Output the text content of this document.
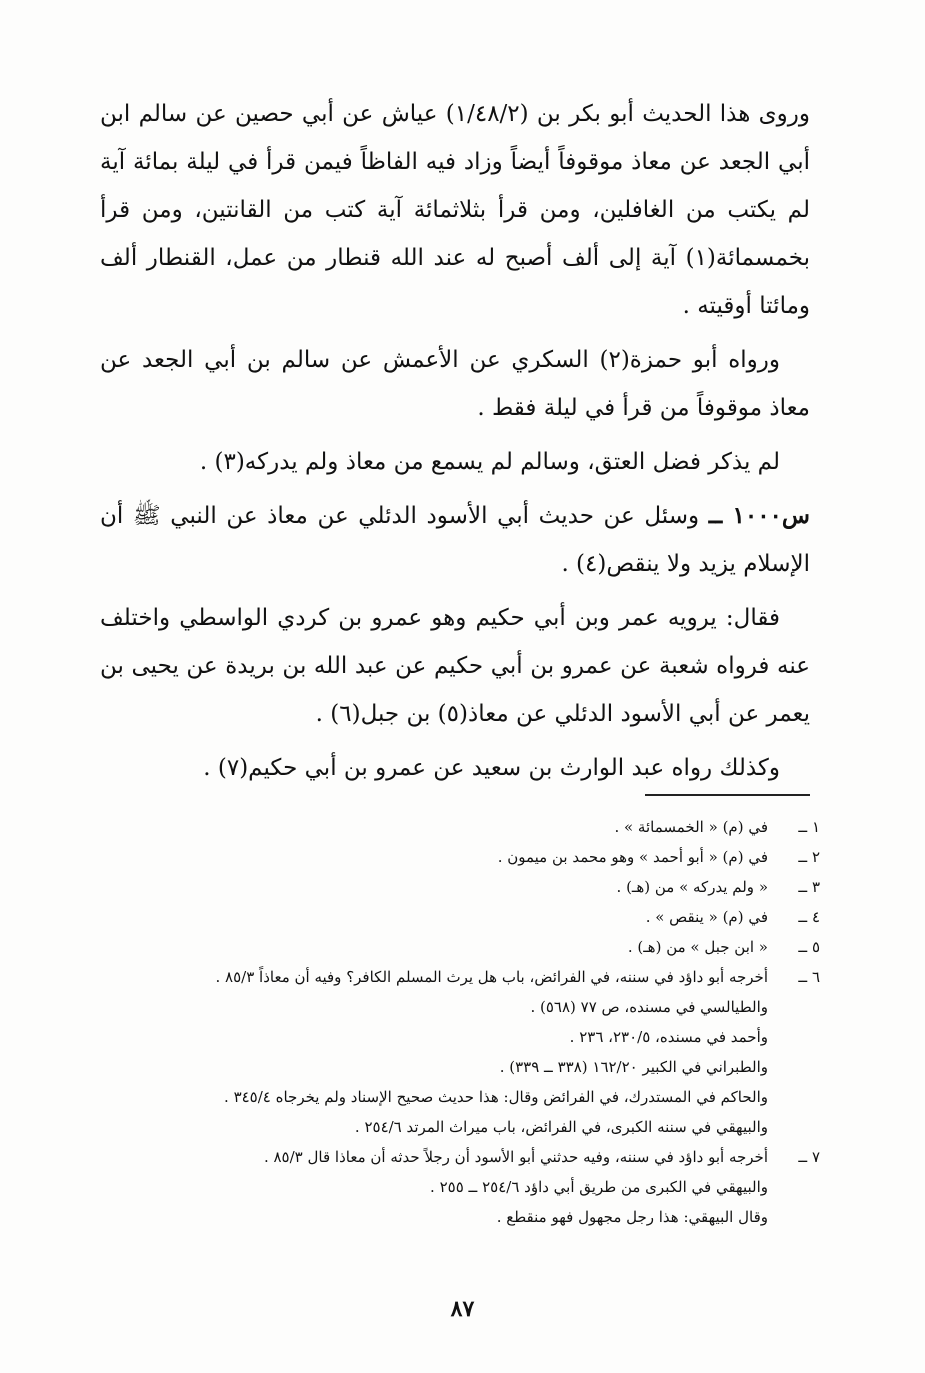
وروى هذا الحديث أبو بكر بن (١/٤٨/٢) عياش عن أبي حصين عن سالم ابن أبي الجعد عن معاذ موقوفاً أيضاً وزاد فيه الفاظاً فيمن قرأ في ليلة بمائة آية لم يكتب من الغافلين، ومن قرأ بثلاثمائة آية كتب من القانتين، ومن قرأ بخمسمائة(١) آية إلى ألف أصبح له عند الله قنطار من عمل، القنطار ألف ومائتا أوقيته .

ورواه أبو حمزة(٢) السكري عن الأعمش عن سالم بن أبي الجعد عن معاذ موقوفاً من قرأ في ليلة فقط .

لم يذكر فضل العتق، وسالم لم يسمع من معاذ ولم يدركه(٣) .

س١٠٠٠ ــ وسئل عن حديث أبي الأسود الدئلي عن معاذ عن النبي ﷺ أن الإسلام يزيد ولا ينقص(٤) .

فقال: يرويه عمر وبن أبي حكيم وهو عمرو بن كردي الواسطي واختلف عنه فرواه شعبة عن عمرو بن أبي حكيم عن عبد الله بن بريدة عن يحيى بن يعمر عن أبي الأسود الدئلي عن معاذ(٥) بن جبل(٦) .

وكذلك رواه عبد الوارث بن سعيد عن عمرو بن أبي حكيم(٧) .

١ ــ
في (م) « الخمسمائة » .
٢ ــ
في (م) « أبو أحمد » وهو محمد بن ميمون .
٣ ــ
« ولم يدركه » من (هـ) .
٤ ــ
في (م) « ينقص » .
٥ ــ
« ابن جبل » من (هـ) .
٦ ــ
أخرجه أبو داؤد في سننه، في الفرائض، باب هل يرث المسلم الكافر؟ وفيه أن معاذاً ٨٥/٣ .
والطيالسي في مسنده، ص ٧٧ (٥٦٨) .
وأحمد في مسنده، ٢٣٠/٥، ٢٣٦ .
والطبراني في الكبير ١٦٢/٢٠ (٣٣٨ ــ ٣٣٩) .
والحاكم في المستدرك، في الفرائض وقال: هذا حديث صحيح الإسناد ولم يخرجاه ٣٤٥/٤ .
والبيهقي في سننه الكبرى، في الفرائض، باب ميراث المرتد ٢٥٤/٦ .
٧ ــ
أخرجه أبو داؤد في سننه، وفيه حدثني أبو الأسود أن رجلاً حدثه أن معاذا قال ٨٥/٣ .
والبيهقي في الكبرى من طريق أبي داؤد ٢٥٤/٦ ــ ٢٥٥ .
وقال البيهقي: هذا رجل مجهول فهو منقطع .
٨٧
